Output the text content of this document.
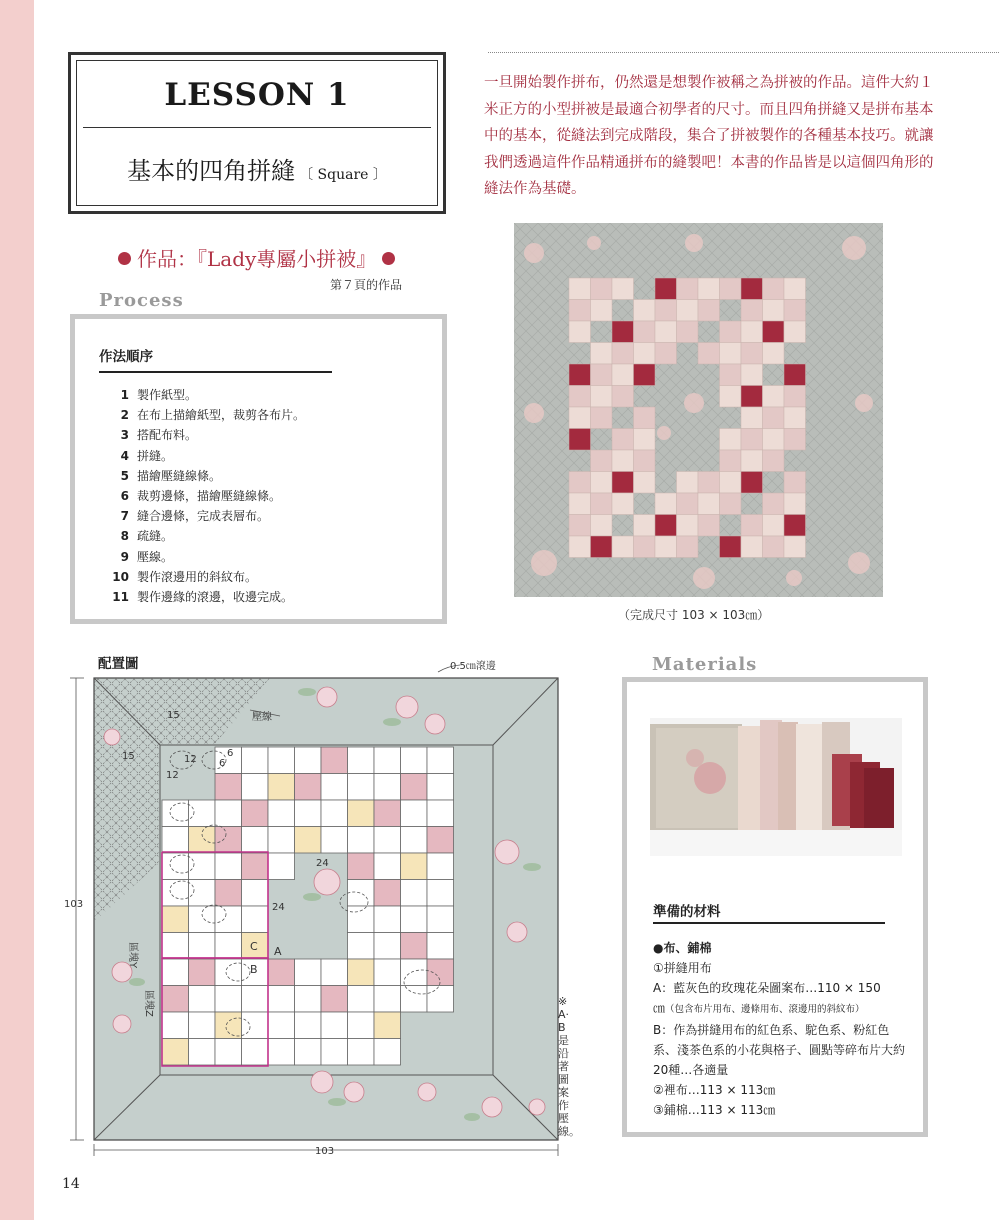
LESSON 1
基本的四角拼縫 〔 Square 〕

一旦開始製作拼布，仍然還是想製作被稱之為拼被的作品。這件大約１米正方的小型拼被是最適合初學者的尺寸。而且四角拼縫又是拼布基本中的基本，從縫法到完成階段，集合了拼被製作的各種基本技巧。就讓我們透過這件作品精通拼布的縫製吧！本書的作品皆是以這個四角形的縫法作為基礎。

（完成尺寸 103 × 103㎝）
作品：『Lady專屬小拼被』
第７頁的作品
Process
作法順序
1 製作紙型。
2 在布上描繪紙型，裁剪各布片。
3 搭配布料。
4 拼縫。
5 描繪壓縫線條。
6 裁剪邊條，描繪壓縫線條。
7 縫合邊條，完成表層布。
8 疏縫。
9 壓線。
10 製作滾邊用的斜紋布。
11 製作邊緣的滾邊，收邊完成。
配置圖	0.5㎝滾邊
壓線
15
15	12
12
6
6
24
24
C A
B
103
103
區塊Y
區塊Z	※A·B是沿著圖案作壓線。
Materials
準備的材料
●布、鋪棉
①拼縫用布
A：藍灰色的玫瑰花朵圖案布…110 × 150
㎝（包含布片用布、邊條用布、滾邊用的斜紋布）
B：作為拼縫用布的紅色系、駝色系、粉紅色系、淺茶色系的小花與格子、圓點等碎布片大約20種…各適量
②裡布…113 × 113㎝
③鋪棉…113 × 113㎝
14
